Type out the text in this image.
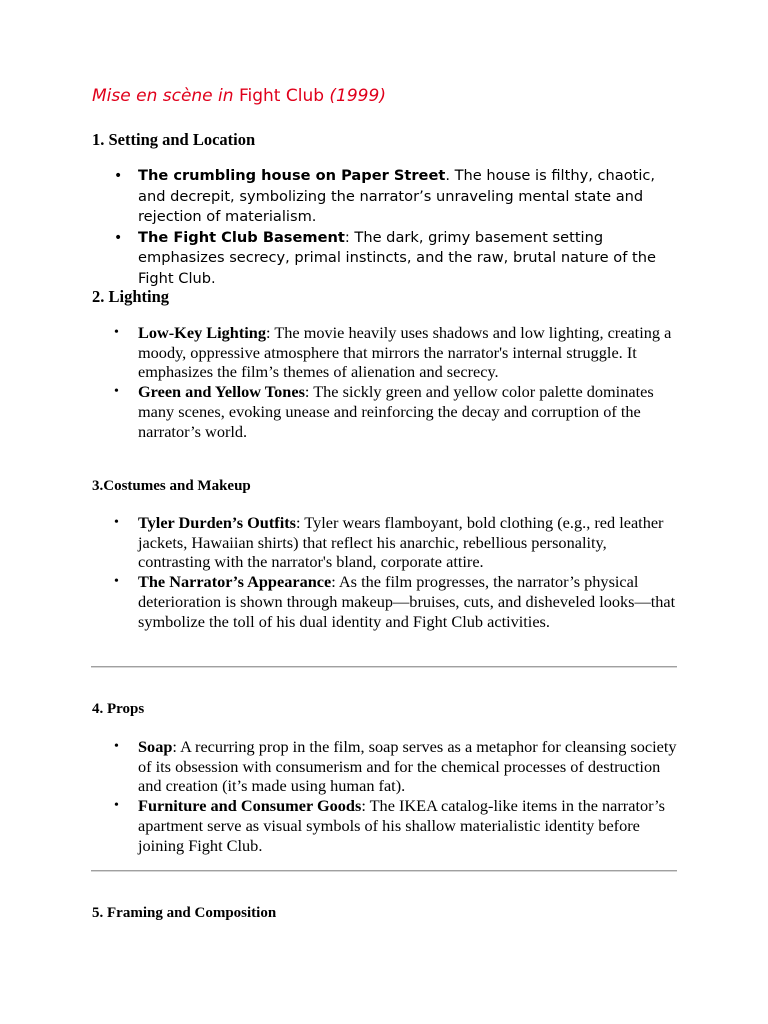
Mise en scène in Fight Club (1999)
1. Setting and Location
• The crumbling house on Paper Street. The house is filthy, chaotic, and decrepit, symbolizing the narrator’s unraveling mental state and rejection of materialism.
• The Fight Club Basement: The dark, grimy basement setting emphasizes secrecy, primal instincts, and the raw, brutal nature of the Fight Club.
2. Lighting
• Low-Key Lighting: The movie heavily uses shadows and low lighting, creating a moody, oppressive atmosphere that mirrors the narrator's internal struggle. It emphasizes the film’s themes of alienation and secrecy.
• Green and Yellow Tones: The sickly green and yellow color palette dominates many scenes, evoking unease and reinforcing the decay and corruption of the narrator’s world.
3.Costumes and Makeup
• Tyler Durden’s Outfits: Tyler wears flamboyant, bold clothing (e.g., red leather jackets, Hawaiian shirts) that reflect his anarchic, rebellious personality, contrasting with the narrator's bland, corporate attire.
• The Narrator’s Appearance: As the film progresses, the narrator’s physical deterioration is shown through makeup—bruises, cuts, and disheveled looks—that symbolize the toll of his dual identity and Fight Club activities.
4. Props
• Soap: A recurring prop in the film, soap serves as a metaphor for cleansing society of its obsession with consumerism and for the chemical processes of destruction and creation (it’s made using human fat).
• Furniture and Consumer Goods: The IKEA catalog-like items in the narrator’s apartment serve as visual symbols of his shallow materialistic identity before joining Fight Club.
5. Framing and Composition
